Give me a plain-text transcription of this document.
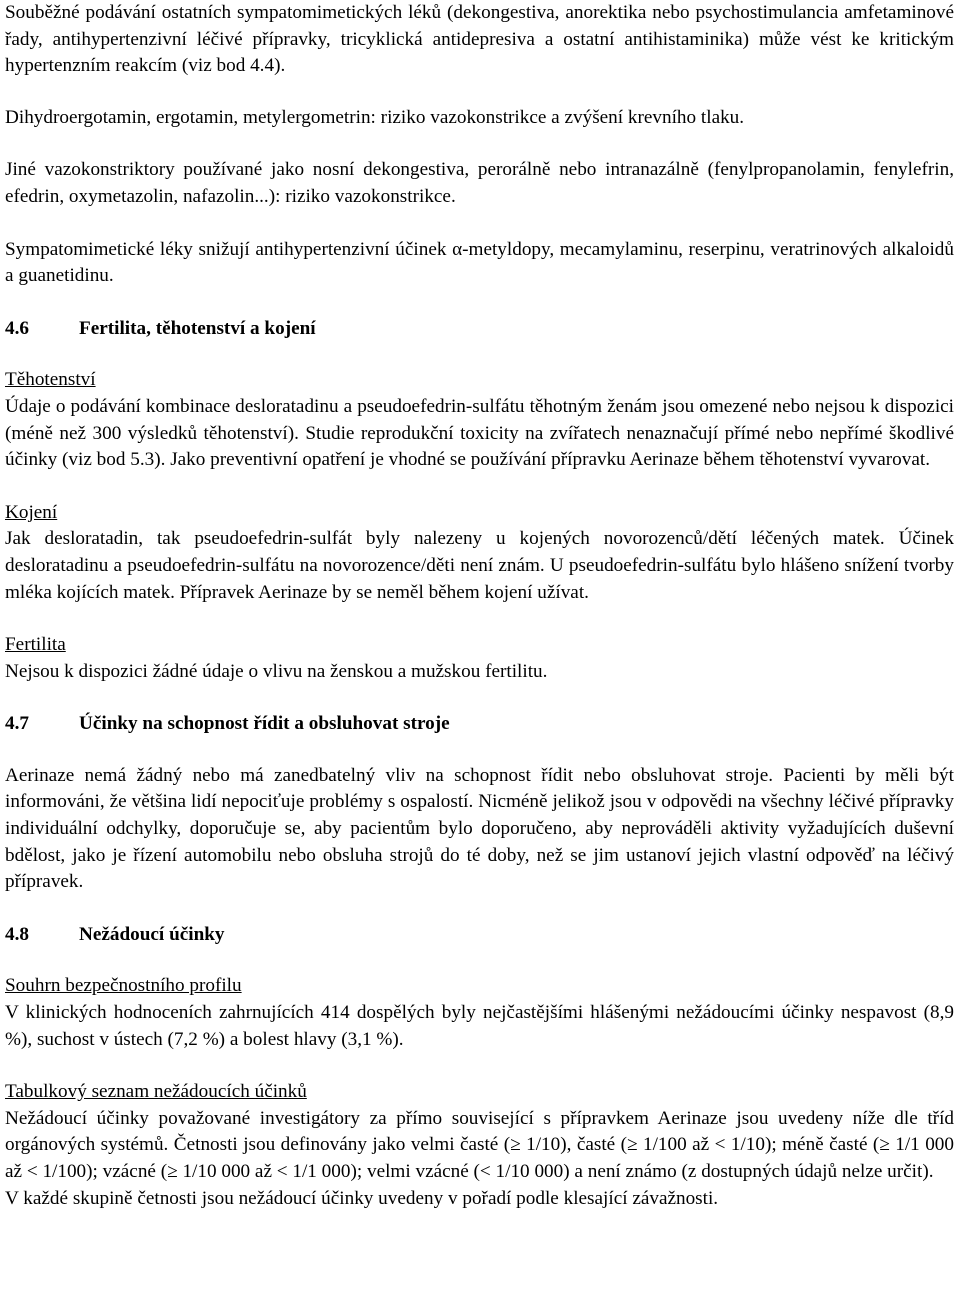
Souběžné podávání ostatních sympatomimetických léků (dekongestiva, anorektika nebo psychostimulancia amfetaminové řady, antihypertenzivní léčivé přípravky, tricyklická antidepresiva a ostatní antihistaminika) může vést ke kritickým hypertenzním reakcím (viz bod 4.4).

Dihydroergotamin, ergotamin, metylergometrin: riziko vazokonstrikce a zvýšení krevního tlaku.

Jiné vazokonstriktory používané jako nosní dekongestiva, perorálně nebo intranazálně (fenylpropanolamin, fenylefrin, efedrin, oxymetazolin, nafazolin...): riziko vazokonstrikce.

Sympatomimetické léky snižují antihypertenzivní účinek α-metyldopy, mecamylaminu, reserpinu, veratrinových alkaloidů a guanetidinu.

4.6	Fertilita, těhotenství a kojení

Těhotenství

Údaje o podávání kombinace desloratadinu a pseudoefedrin-sulfátu těhotným ženám jsou omezené nebo nejsou k dispozici (méně než 300 výsledků těhotenství). Studie reprodukční toxicity na zvířatech nenaznačují přímé nebo nepřímé škodlivé účinky (viz bod 5.3). Jako preventivní opatření je vhodné se používání přípravku Aerinaze během těhotenství vyvarovat.

Kojení

Jak desloratadin, tak pseudoefedrin-sulfát byly nalezeny u kojených novorozenců/dětí léčených matek. Účinek desloratadinu a pseudoefedrin-sulfátu na novorozence/děti není znám. U pseudoefedrin-sulfátu bylo hlášeno snížení tvorby mléka kojících matek. Přípravek Aerinaze by se neměl během kojení užívat.

Fertilita

Nejsou k dispozici žádné údaje o vlivu na ženskou a mužskou fertilitu.

4.7	Účinky na schopnost řídit a obsluhovat stroje

Aerinaze nemá žádný nebo má zanedbatelný vliv na schopnost řídit nebo obsluhovat stroje. Pacienti by měli být informováni, že většina lidí nepociťuje problémy s ospalostí. Nicméně jelikož jsou v odpovědi na všechny léčivé přípravky individuální odchylky, doporučuje se, aby pacientům bylo doporučeno, aby neprováděli aktivity vyžadujících duševní bdělost, jako je řízení automobilu nebo obsluha strojů do té doby, než se jim ustanoví jejich vlastní odpověď na léčivý přípravek.

4.8	Nežádoucí účinky

Souhrn bezpečnostního profilu

V klinických hodnoceních zahrnujících 414 dospělých byly nejčastějšími hlášenými nežádoucími účinky nespavost (8,9 %), suchost v ústech (7,2 %) a bolest hlavy (3,1 %).

Tabulkový seznam nežádoucích účinků

Nežádoucí účinky považované investigátory za přímo související s přípravkem Aerinaze jsou uvedeny níže dle tříd orgánových systémů. Četnosti jsou definovány jako velmi časté (≥ 1/10), časté (≥ 1/100 až < 1/10); méně časté (≥ 1/1 000 až < 1/100); vzácné (≥ 1/10 000 až < 1/1 000); velmi vzácné (< 1/10 000) a není známo (z dostupných údajů nelze určit).

V každé skupině četnosti jsou nežádoucí účinky uvedeny v pořadí podle klesající závažnosti.
